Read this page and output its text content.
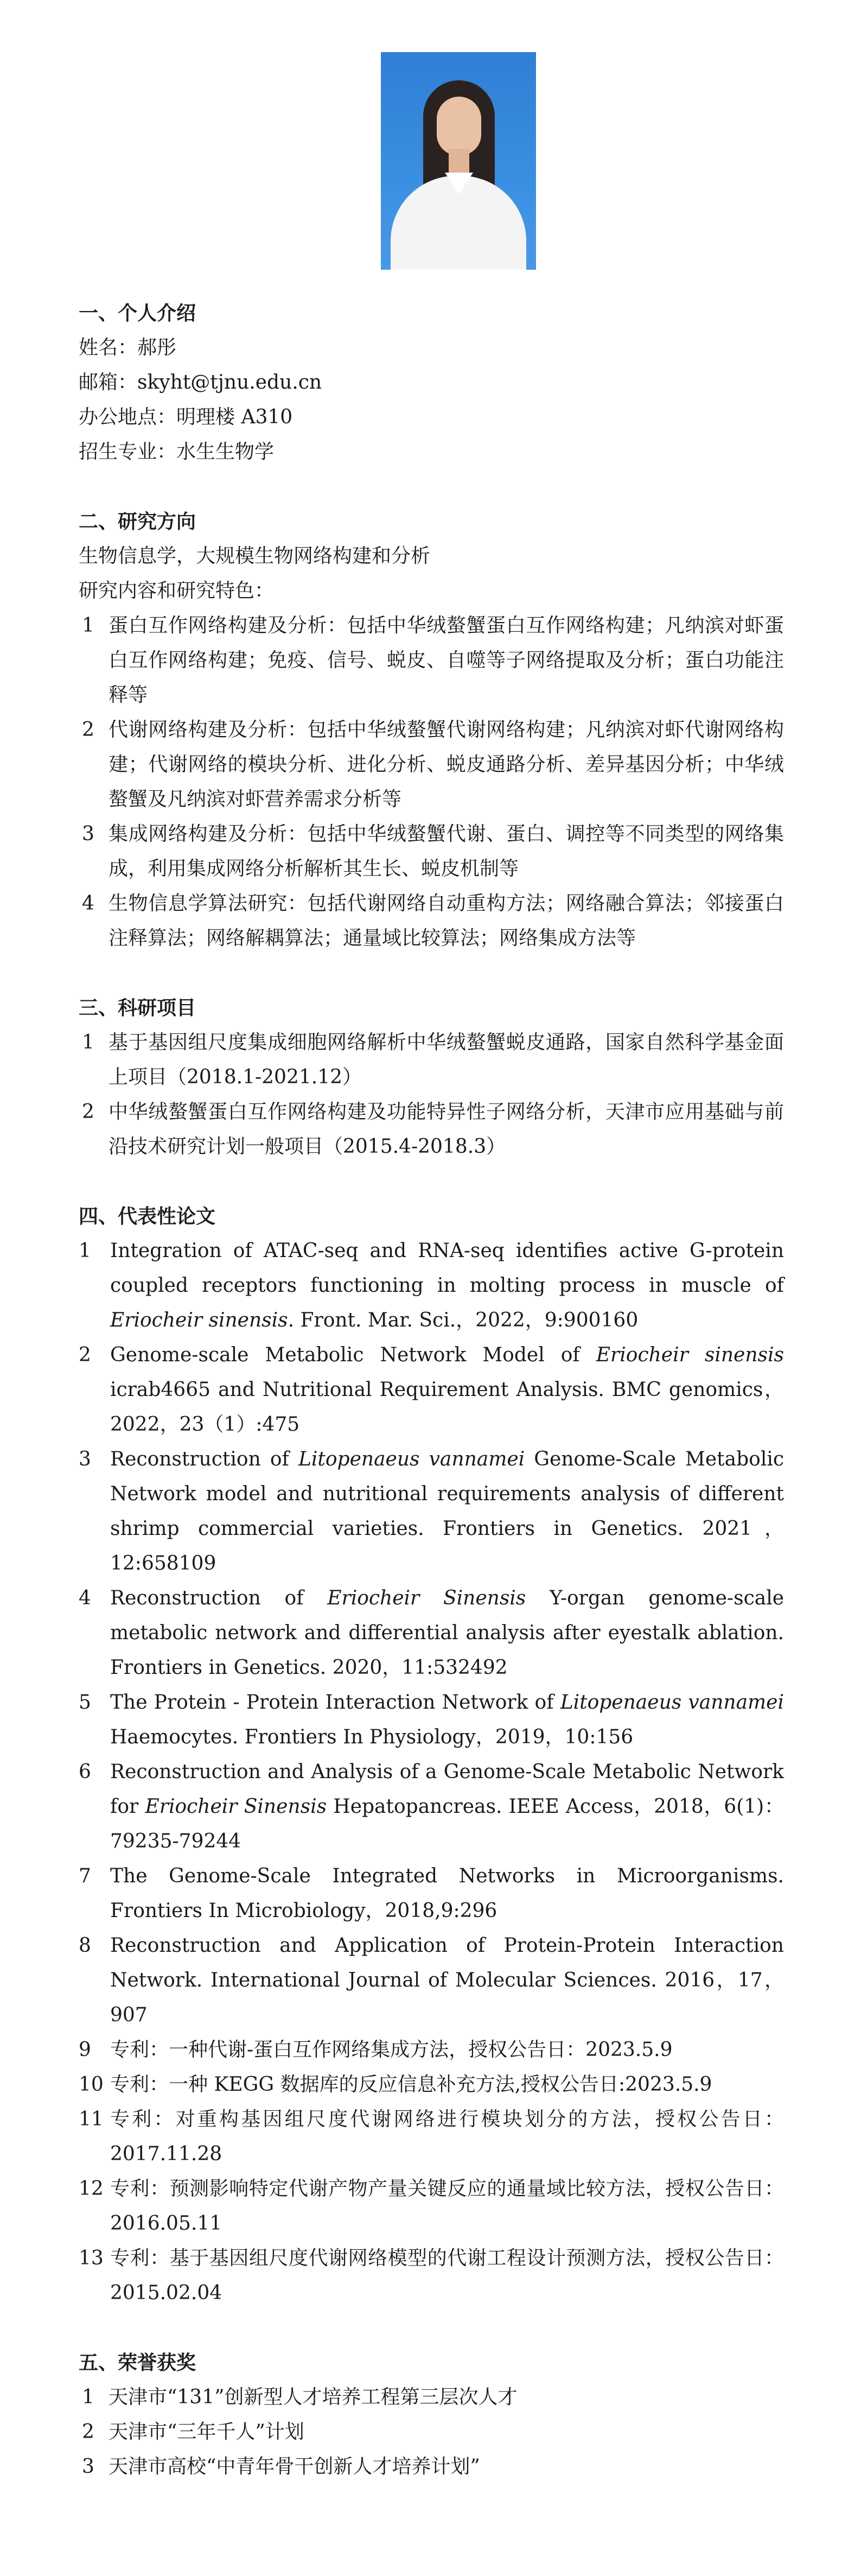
一、个人介绍

姓名：郝彤

邮箱：skyht@tjnu.edu.cn

办公地点：明理楼 A310

招生专业：水生生物学

二、研究方向

生物信息学，大规模生物网络构建和分析

研究内容和研究特色：

1 蛋白互作网络构建及分析：包括中华绒螯蟹蛋白互作网络构建；凡纳滨对虾蛋白互作网络构建；免疫、信号、蜕皮、自噬等子网络提取及分析；蛋白功能注释等
2 代谢网络构建及分析：包括中华绒螯蟹代谢网络构建；凡纳滨对虾代谢网络构建；代谢网络的模块分析、进化分析、蜕皮通路分析、差异基因分析；中华绒螯蟹及凡纳滨对虾营养需求分析等
3 集成网络构建及分析：包括中华绒螯蟹代谢、蛋白、调控等不同类型的网络集成，利用集成网络分析解析其生长、蜕皮机制等
4 生物信息学算法研究：包括代谢网络自动重构方法；网络融合算法；邻接蛋白注释算法；网络解耦算法；通量域比较算法；网络集成方法等

三、科研项目

1 基于基因组尺度集成细胞网络解析中华绒螯蟹蜕皮通路，国家自然科学基金面上项目（2018.1-2021.12）
2 中华绒螯蟹蛋白互作网络构建及功能特异性子网络分析，天津市应用基础与前沿技术研究计划一般项目（2015.4-2018.3）

四、代表性论文

1 Integration of ATAC-seq and RNA-seq identifies active G-protein coupled receptors functioning in molting process in muscle of Eriocheir sinensis. Front. Mar. Sci.，2022，9:900160
2 Genome-scale Metabolic Network Model of Eriocheir sinensis icrab4665 and Nutritional Requirement Analysis. BMC genomics，2022，23（1）:475
3 Reconstruction of Litopenaeus vannamei Genome-Scale Metabolic Network model and nutritional requirements analysis of different shrimp commercial varieties. Frontiers in Genetics. 2021，12:658109
4 Reconstruction of Eriocheir Sinensis Y-organ genome-scale metabolic network and differential analysis after eyestalk ablation. Frontiers in Genetics. 2020，11:532492
5 The Protein - Protein Interaction Network of Litopenaeus vannamei Haemocytes. Frontiers In Physiology，2019，10:156
6 Reconstruction and Analysis of a Genome-Scale Metabolic Network for Eriocheir Sinensis Hepatopancreas. IEEE Access，2018，6(1)：79235-79244
7 The Genome-Scale Integrated Networks in Microorganisms. Frontiers In Microbiology，2018,9:296
8 Reconstruction and Application of Protein-Protein Interaction Network. International Journal of Molecular Sciences. 2016，17，907
9 专利：一种代谢-蛋白互作网络集成方法，授权公告日：2023.5.9
10 专利：一种 KEGG 数据库的反应信息补充方法,授权公告日:2023.5.9
11 专利：对重构基因组尺度代谢网络进行模块划分的方法，授权公告日：2017.11.28
12 专利：预测影响特定代谢产物产量关键反应的通量域比较方法，授权公告日：2016.05.11
13 专利：基于基因组尺度代谢网络模型的代谢工程设计预测方法，授权公告日：2015.02.04

五、荣誉获奖

1 天津市“131”创新型人才培养工程第三层次人才
2 天津市“三年千人”计划
3 天津市高校“中青年骨干创新人才培养计划”
